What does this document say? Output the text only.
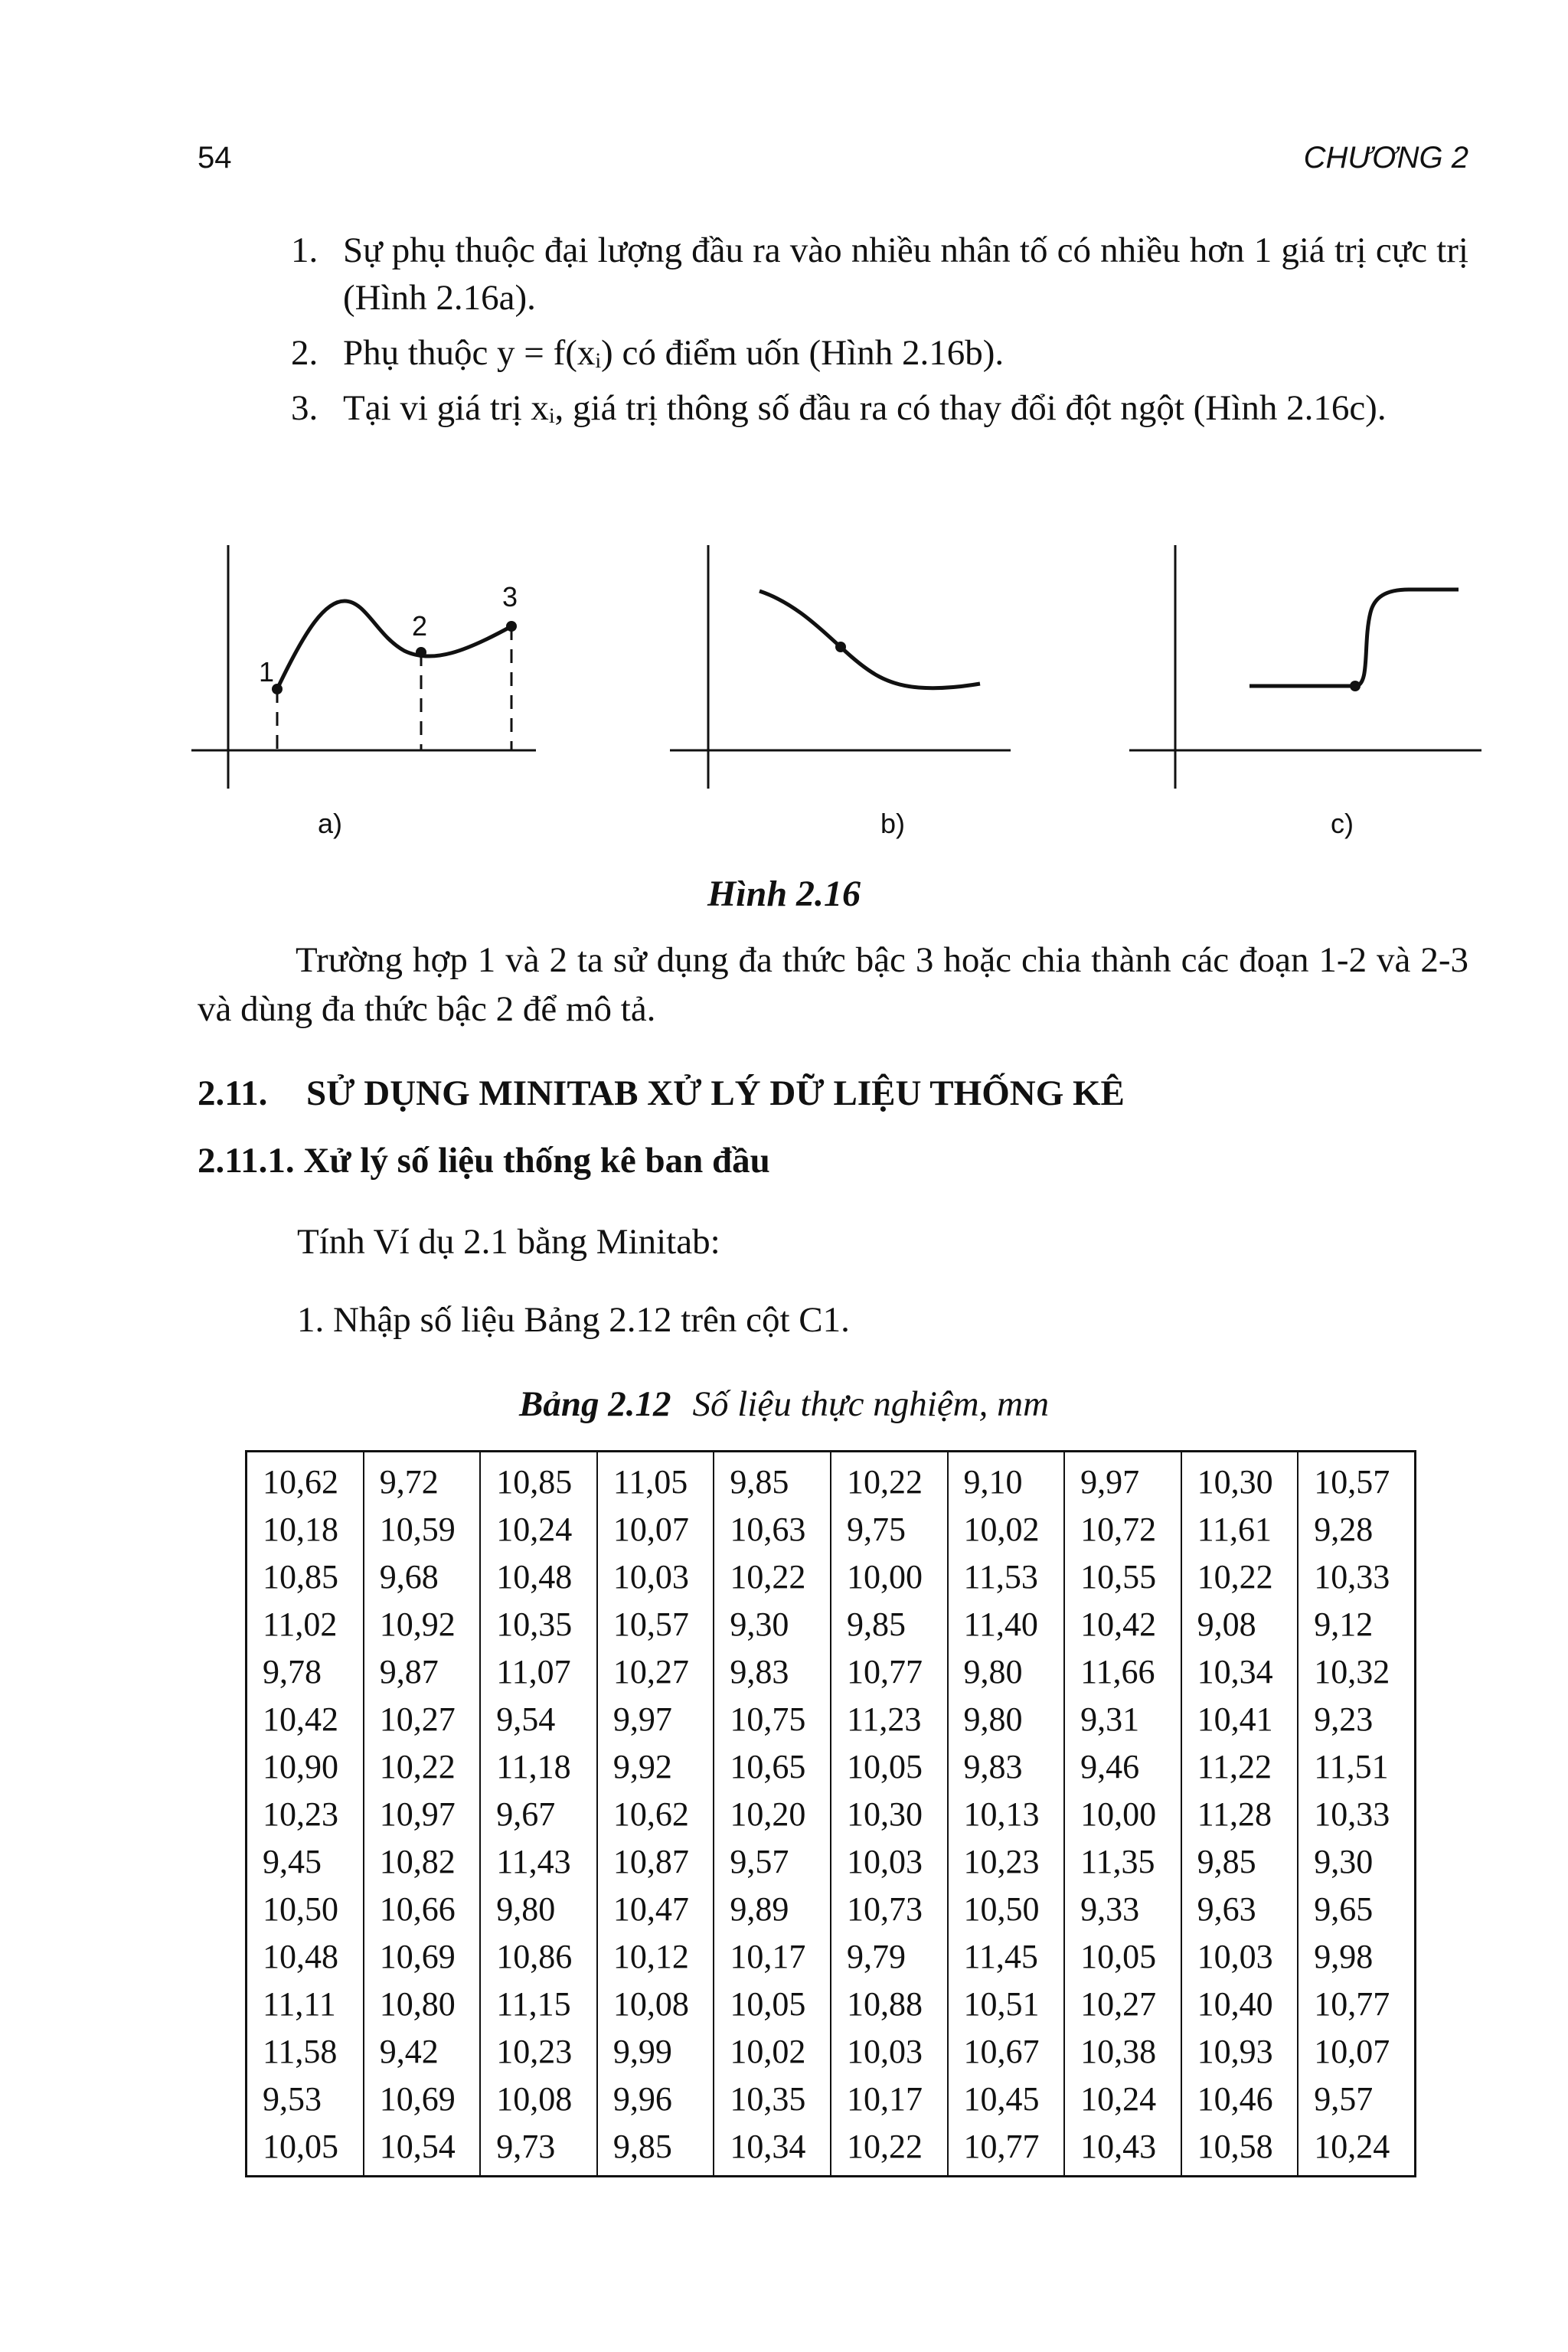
54	CHƯƠNG 2
1. Sự phụ thuộc đại lượng đầu ra vào nhiều nhân tố có nhiều hơn 1 giá trị cực trị (Hình 2.16a).
2. Phụ thuộc y = f(xᵢ) có điểm uốn (Hình 2.16b).
3. Tại vi giá trị xᵢ, giá trị thông số đầu ra có thay đổi đột ngột (Hình 2.16c).
1
2
3
a)	b)	c)
Hình 2.16

Trường hợp 1 và 2 ta sử dụng đa thức bậc 3 hoặc chia thành các đoạn 1-2 và 2-3 và dùng đa thức bậc 2 để mô tả.

2.11. SỬ DỤNG MINITAB XỬ LÝ DỮ LIỆU THỐNG KÊ
2.11.1. Xử lý số liệu thống kê ban đầu
Tính Ví dụ 2.1 bằng Minitab:
1. Nhập số liệu Bảng 2.12 trên cột C1.
Bảng 2.12 Số liệu thực nghiệm, mm
10,62	9,72	10,85	11,05	9,85	10,22	9,10	9,97	10,30	10,57
10,18	10,59	10,24	10,07	10,63	9,75	10,02	10,72	11,61	9,28
10,85	9,68	10,48	10,03	10,22	10,00	11,53	10,55	10,22	10,33
11,02	10,92	10,35	10,57	9,30	9,85	11,40	10,42	9,08	9,12
9,78	9,87	11,07	10,27	9,83	10,77	9,80	11,66	10,34	10,32
10,42	10,27	9,54	9,97	10,75	11,23	9,80	9,31	10,41	9,23
10,90	10,22	11,18	9,92	10,65	10,05	9,83	9,46	11,22	11,51
10,23	10,97	9,67	10,62	10,20	10,30	10,13	10,00	11,28	10,33
9,45	10,82	11,43	10,87	9,57	10,03	10,23	11,35	9,85	9,30
10,50	10,66	9,80	10,47	9,89	10,73	10,50	9,33	9,63	9,65
10,48	10,69	10,86	10,12	10,17	9,79	11,45	10,05	10,03	9,98
11,11	10,80	11,15	10,08	10,05	10,88	10,51	10,27	10,40	10,77
11,58	9,42	10,23	9,99	10,02	10,03	10,67	10,38	10,93	10,07
9,53	10,69	10,08	9,96	10,35	10,17	10,45	10,24	10,46	9,57
10,05	10,54	9,73	9,85	10,34	10,22	10,77	10,43	10,58	10,24
